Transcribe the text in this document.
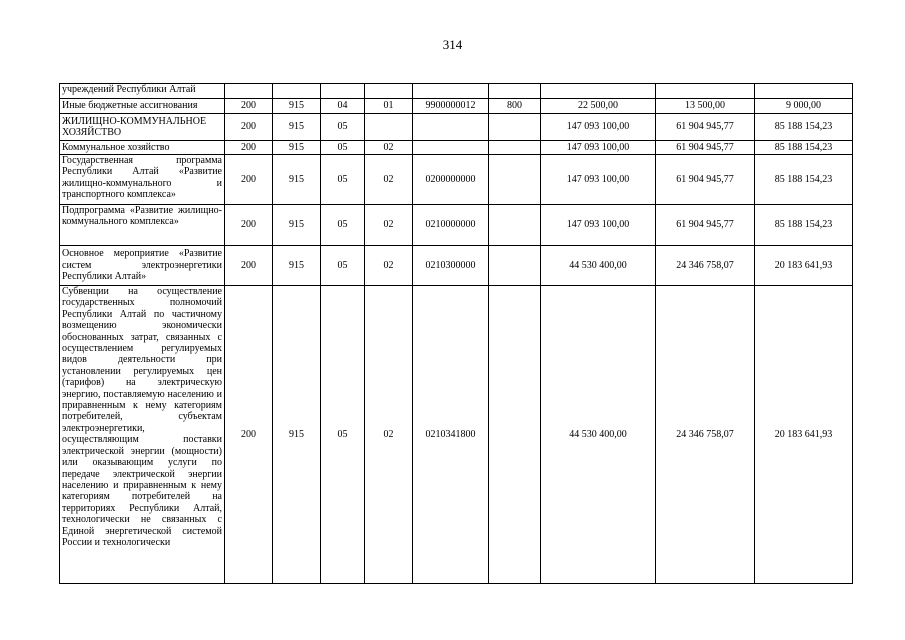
314
учреждений Республики Алтай									
Иные бюджетные ассигнования	200	915	04	01	9900000012	800	22 500,00	13 500,00	9 000,00
ЖИЛИЩНО-КОММУНАЛЬНОЕ ХОЗЯЙСТВО	200	915	05				147 093 100,00	61 904 945,77	85 188 154,23
Коммунальное хозяйство	200	915	05	02			147 093 100,00	61 904 945,77	85 188 154,23
Государственная программа Республики Алтай «Развитие жилищно-коммунального и транспортного комплекса»	200	915	05	02	0200000000		147 093 100,00	61 904 945,77	85 188 154,23
Подпрограмма «Развитие жилищно-коммунального комплекса»	200	915	05	02	0210000000		147 093 100,00	61 904 945,77	85 188 154,23
Основное мероприятие «Развитие систем электроэнергетики Республики Алтай»	200	915	05	02	0210300000		44 530 400,00	24 346 758,07	20 183 641,93
Субвенции на осуществление государственных полномочий Республики Алтай по частичному возмещению экономически обоснованных затрат, связанных с осуществлением регулируемых видов деятельности при установлении регулируемых цен (тарифов) на электрическую энергию, поставляемую населению и приравненным к нему категориям потребителей, субъектам электроэнергетики, осуществляющим поставки электрической энергии (мощности) или оказывающим услуги по передаче электрической энергии населению и приравненным к нему категориям потребителей на территориях Республики Алтай, технологически не связанных с Единой энергетической системой России и технологически	200	915	05	02	0210341800		44 530 400,00	24 346 758,07	20 183 641,93
